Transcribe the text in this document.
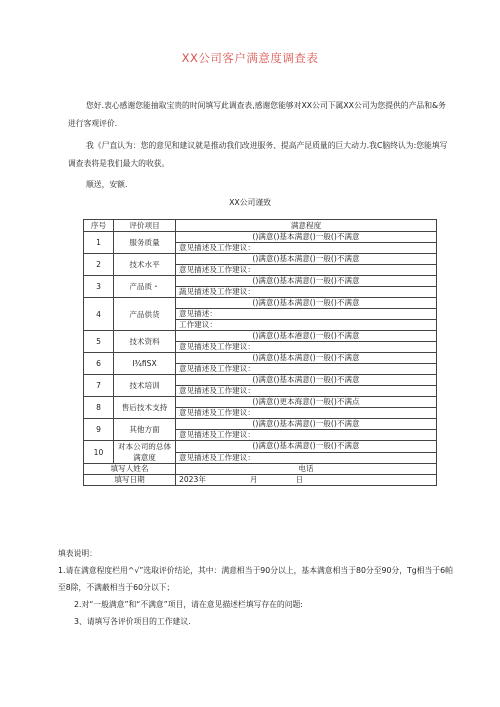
XX公司客户满意度调查表

您好.衷心感谢您能抽取宝贵的时间填写此调查表,感谢您能够对XX公司下属XX公司为您提供的产品和&务进行客观评价.

我《尸直认为：您的意见和建议就是推动我们改进服务、提高产昆质量的巨大动力.我C脑终认为:您能填写调查表将是我们最大的收获。

顺送，安额.

XX公司谨致
序号	评价项目	满意程度
1	服务质量	()满意()基本满意()一般()不满意
		意见描述及工作建议：
2	技术水平	()满意()基本满意()一般()不满意
		意见描述及工作建议：
3	产品质・	()满意()基本满意()一般()不满意
		蔬见描述及工作建议：
4	产品供货	()满意()基本满意()一般()不满意
		意见描述：
		工作建议：
5	技术资料	()满意()基本港意()一般()不满意
		意见描述及工作建议：
6	I¾fiSX	()满意()基本满意()一般()不满意
		意见描述及工作建议：
7	技术培训	()满意()基本满意()一般()不满意
		意见描述及工作建议：
8	售后技术支持	()满意()更本海意()一般()不满点
		意见描述及工作建议：
9	其他方面	()满意()基本满意()一般()不满意
		意见描述及工作建议：
10	对本公司的总体满意度	()满意()基本满意()一般()不满意
		意见描述及工作建议：
填写人姓名		电话
填写日期		2023年 月 日
填表说明：
1.请在满意程度栏用^√”选取评价结论，其中：满意相当于90分以上，基本满意相当于80分至90分，Tg相当于6帕至8除，不满蔽相当于60分以下；
2.对“一般满意”和“不满意”项目，请在意见描述栏填写存在的问题:
3、请填写各评价项目的工作建议.
